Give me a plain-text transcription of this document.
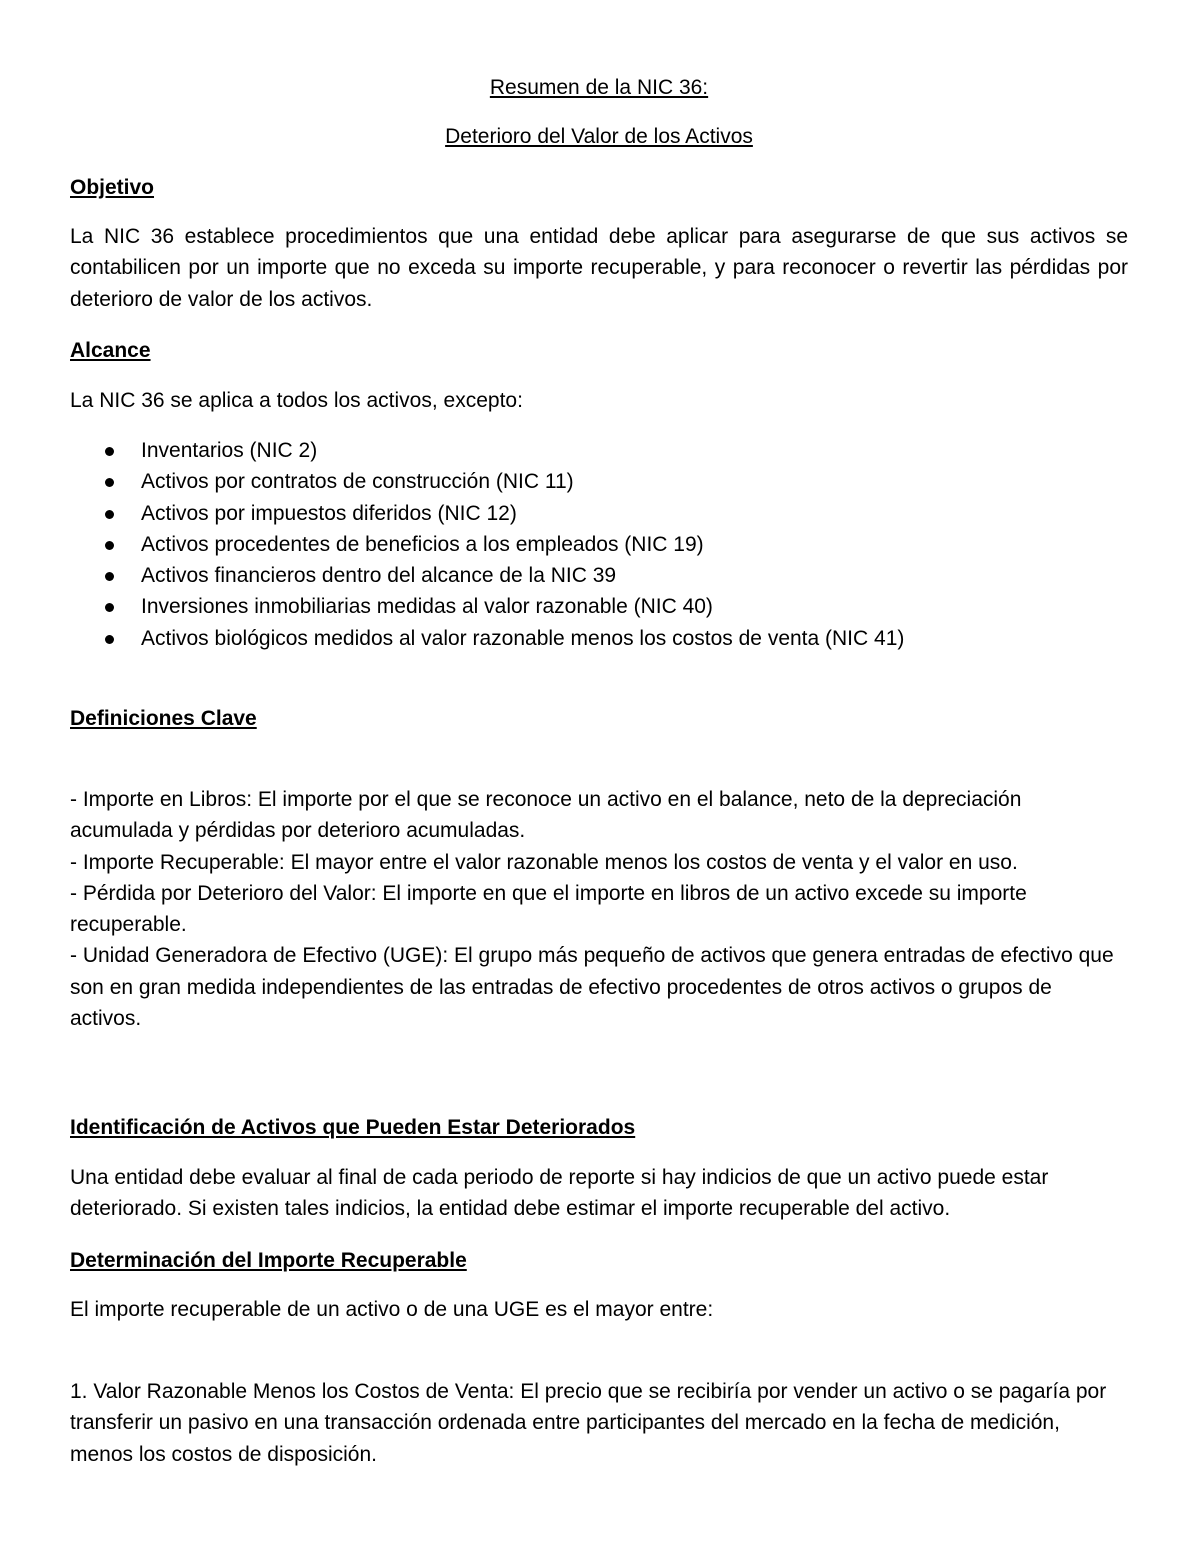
Resumen de la NIC 36:
Deterioro del Valor de los Activos
Objetivo

La NIC 36 establece procedimientos que una entidad debe aplicar para asegurarse de que sus activos se contabilicen por un importe que no exceda su importe recuperable, y para reconocer o revertir las pérdidas por deterioro de valor de los activos.

Alcance

La NIC 36 se aplica a todos los activos, excepto:

Inventarios (NIC 2)
Activos por contratos de construcción (NIC 11)
Activos por impuestos diferidos (NIC 12)
Activos procedentes de beneficios a los empleados (NIC 19)
Activos financieros dentro del alcance de la NIC 39
Inversiones inmobiliarias medidas al valor razonable (NIC 40)
Activos biológicos medidos al valor razonable menos los costos de venta (NIC 41)
Definiciones Clave
- Importe en Libros: El importe por el que se reconoce un activo en el balance, neto de la depreciación acumulada y pérdidas por deterioro acumuladas.
- Importe Recuperable: El mayor entre el valor razonable menos los costos de venta y el valor en uso.
- Pérdida por Deterioro del Valor: El importe en que el importe en libros de un activo excede su importe recuperable.
- Unidad Generadora de Efectivo (UGE): El grupo más pequeño de activos que genera entradas de efectivo que son en gran medida independientes de las entradas de efectivo procedentes de otros activos o grupos de activos.
Identificación de Activos que Pueden Estar Deteriorados

Una entidad debe evaluar al final de cada periodo de reporte si hay indicios de que un activo puede estar deteriorado. Si existen tales indicios, la entidad debe estimar el importe recuperable del activo.

Determinación del Importe Recuperable

El importe recuperable de un activo o de una UGE es el mayor entre:

1. Valor Razonable Menos los Costos de Venta: El precio que se recibiría por vender un activo o se pagaría por transferir un pasivo en una transacción ordenada entre participantes del mercado en la fecha de medición, menos los costos de disposición.
